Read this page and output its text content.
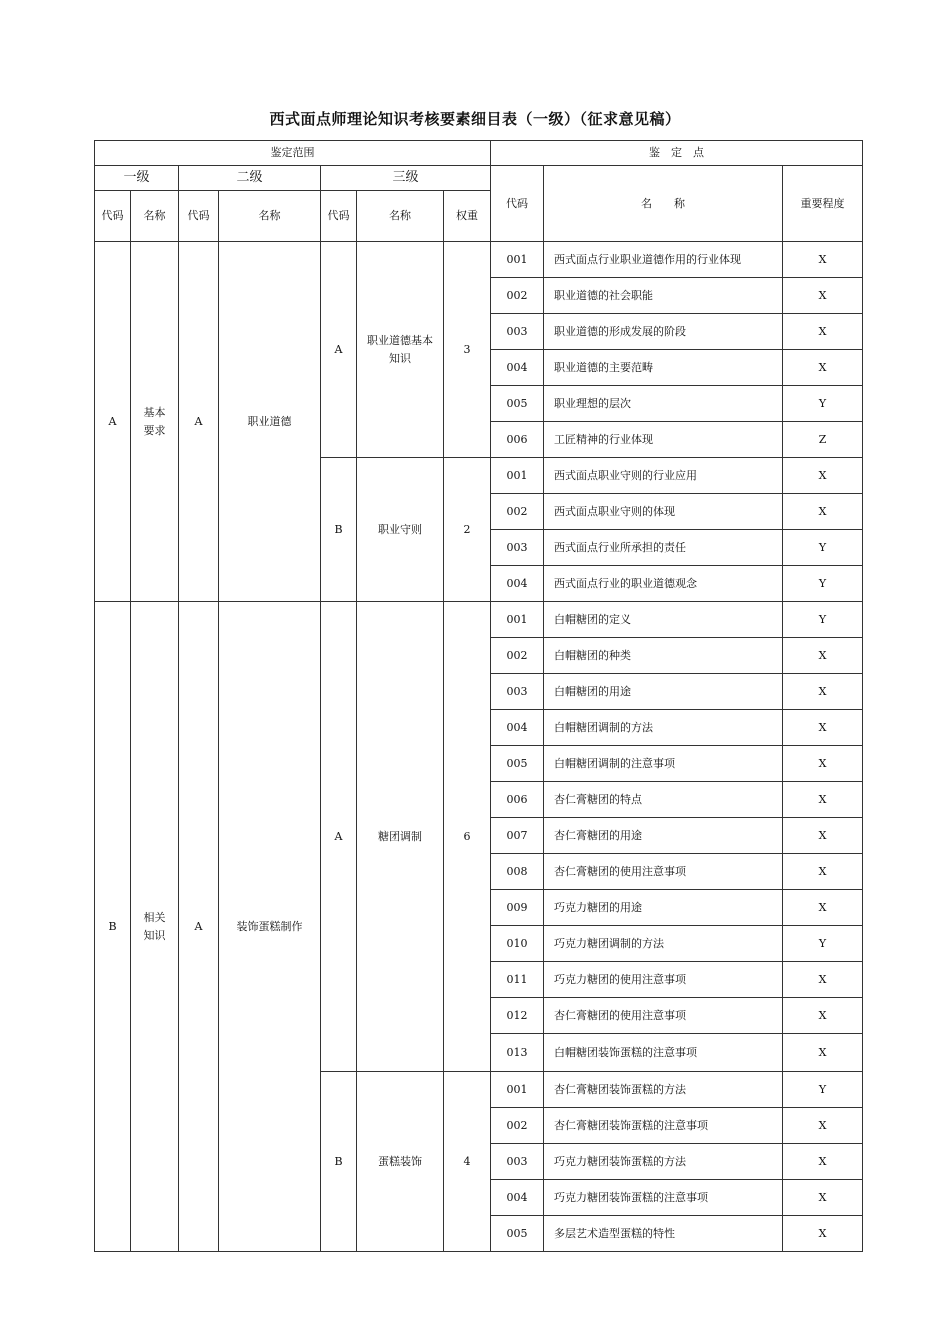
西式面点师理论知识考核要素细目表（一级）（征求意见稿）
鉴定范围							鉴　定　点		
一级		二级		三级			代码	名　　称	重要程度
代码	名称	代码	名称	代码	名称	权重			
A	基本要求	A	职业道德	A	职业道德基本知识	3	001	西式面点行业职业道德作用的行业体现	X
							002	职业道德的社会职能	X
							003	职业道德的形成发展的阶段	X
							004	职业道德的主要范畴	X
							005	职业理想的层次	Y
							006	工匠精神的行业体现	Z
				B	职业守则	2	001	西式面点职业守则的行业应用	X
							002	西式面点职业守则的体现	X
							003	西式面点行业所承担的责任	Y
							004	西式面点行业的职业道德观念	Y
B	相关知识	A	装饰蛋糕制作	A	糖团调制	6	001	白帽糖团的定义	Y
							002	白帽糖团的种类	X
							003	白帽糖团的用途	X
							004	白帽糖团调制的方法	X
							005	白帽糖团调制的注意事项	X
							006	杏仁膏糖团的特点	X
							007	杏仁膏糖团的用途	X
							008	杏仁膏糖团的使用注意事项	X
							009	巧克力糖团的用途	X
							010	巧克力糖团调制的方法	Y
							011	巧克力糖团的使用注意事项	X
							012	杏仁膏糖团的使用注意事项	X
							013	白帽糖团装饰蛋糕的注意事项	X
				B	蛋糕装饰	4	001	杏仁膏糖团装饰蛋糕的方法	Y
							002	杏仁膏糖团装饰蛋糕的注意事项	X
							003	巧克力糖团装饰蛋糕的方法	X
							004	巧克力糖团装饰蛋糕的注意事项	X
							005	多层艺术造型蛋糕的特性	X
